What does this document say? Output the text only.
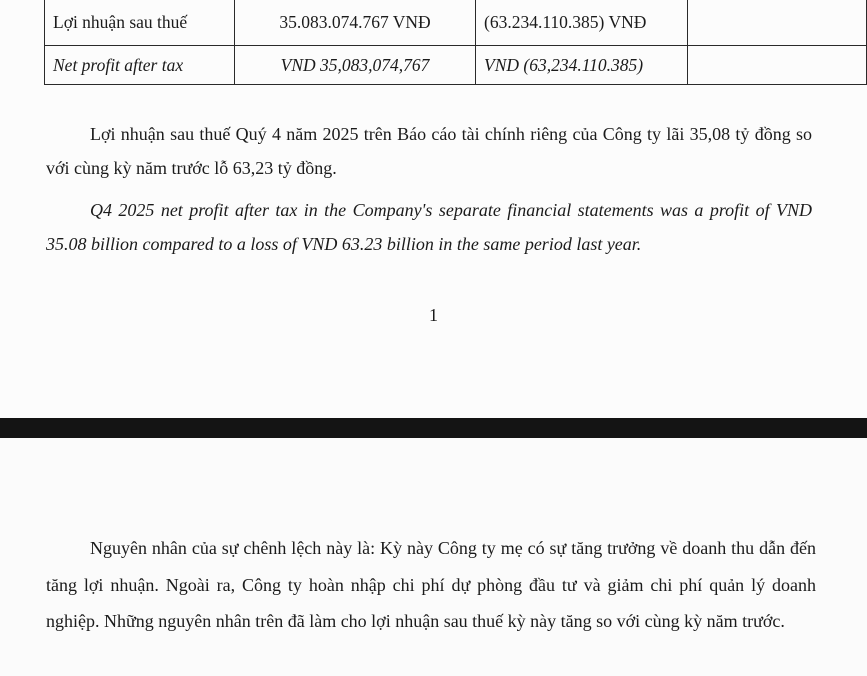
Lợi nhuận sau thuế	35.083.074.767 VNĐ	(63.234.110.385) VNĐ	
Net profit after tax	VND 35,083,074,767	VND (63,234.110.385)	

Lợi nhuận sau thuế Quý 4 năm 2025 trên Báo cáo tài chính riêng của Công ty lãi 35,08 tỷ đồng so với cùng kỳ năm trước lỗ 63,23 tỷ đồng.

Q4 2025 net profit after tax in the Company's separate financial statements was a profit of VND 35.08 billion compared to a loss of VND 63.23 billion in the same period last year.

1

Nguyên nhân của sự chênh lệch này là: Kỳ này Công ty mẹ có sự tăng trưởng về doanh thu dẫn đến tăng lợi nhuận. Ngoài ra, Công ty hoàn nhập chi phí dự phòng đầu tư và giảm chi phí quản lý doanh nghiệp. Những nguyên nhân trên đã làm cho lợi nhuận sau thuế kỳ này tăng so với cùng kỳ năm trước.
